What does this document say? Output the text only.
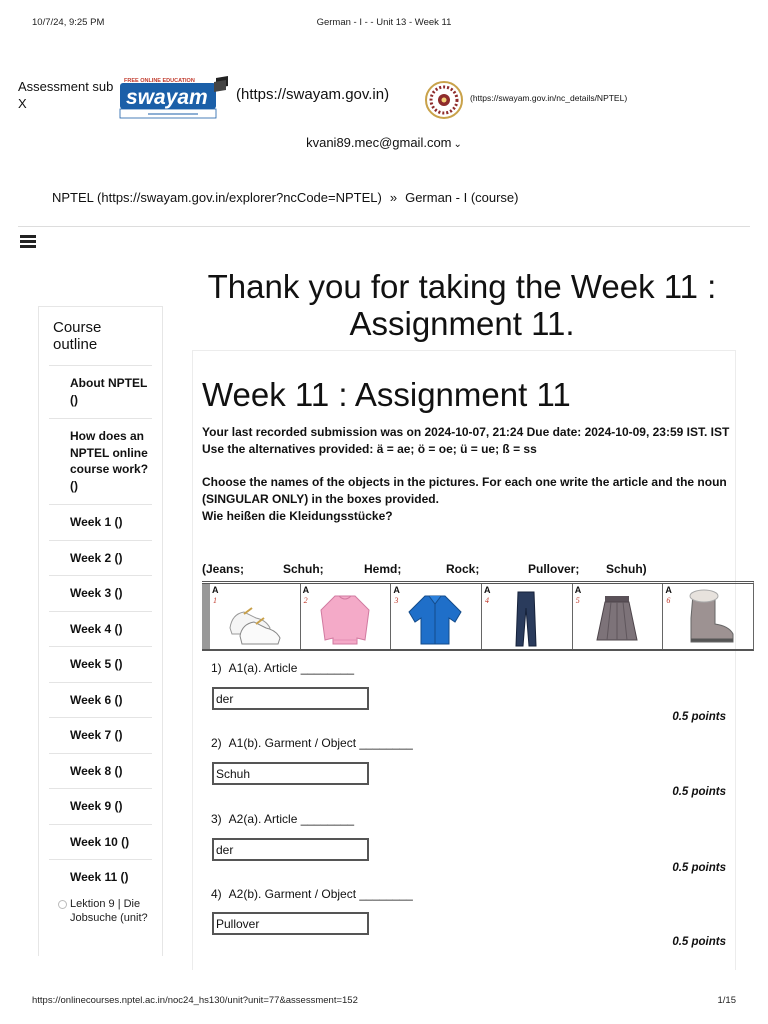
10/7/24, 9:25 PM	German - I - - Unit 13 - Week 11
Assessment sub
X
FREE ONLINE EDUCATION
swayam (https://swayam.gov.in)	(https://swayam.gov.in/nc_details/NPTEL)
kvani89.mec@gmail.com ⌄
NPTEL (https://swayam.gov.in/explorer?ncCode=NPTEL) » German - I (course)
Thank you for taking the Week 11 : Assignment 11.
Course outline
About NPTEL ()
How does an NPTEL online course work? ()
Week 1 ()
Week 2 ()
Week 3 ()
Week 4 ()
Week 5 ()
Week 6 ()
Week 7 ()
Week 8 ()
Week 9 ()
Week 10 ()
Week 11 ()
Lektion 9 | Die Jobsuche (unit?
Week 11 : Assignment 11

Your last recorded submission was on 2024-10-07, 21:24 Due date: 2024-10-09, 23:59 IST. IST

Use the alternatives provided: ä = ae; ö = oe; ü = ue; ß = ss

Choose the names of the objects in the pictures. For each one write the article and the noun (SINGULAR ONLY) in the boxes provided.

Wie heißen die Kleidungsstücke?

(Jeans;	Schuh;	Hemd;	Rock;	Pullover; Schuh)
A
1
A
2
A
3
A
4
A
5
A
6
1) A1(a). Article ________
der
0.5 points
2) A1(b). Garment / Object ________
Schuh
0.5 points
3) A2(a). Article ________
der
0.5 points
4) A2(b). Garment / Object ________
Pullover
0.5 points
https://onlinecourses.nptel.ac.in/noc24_hs130/unit?unit=77&assessment=152	1/15
